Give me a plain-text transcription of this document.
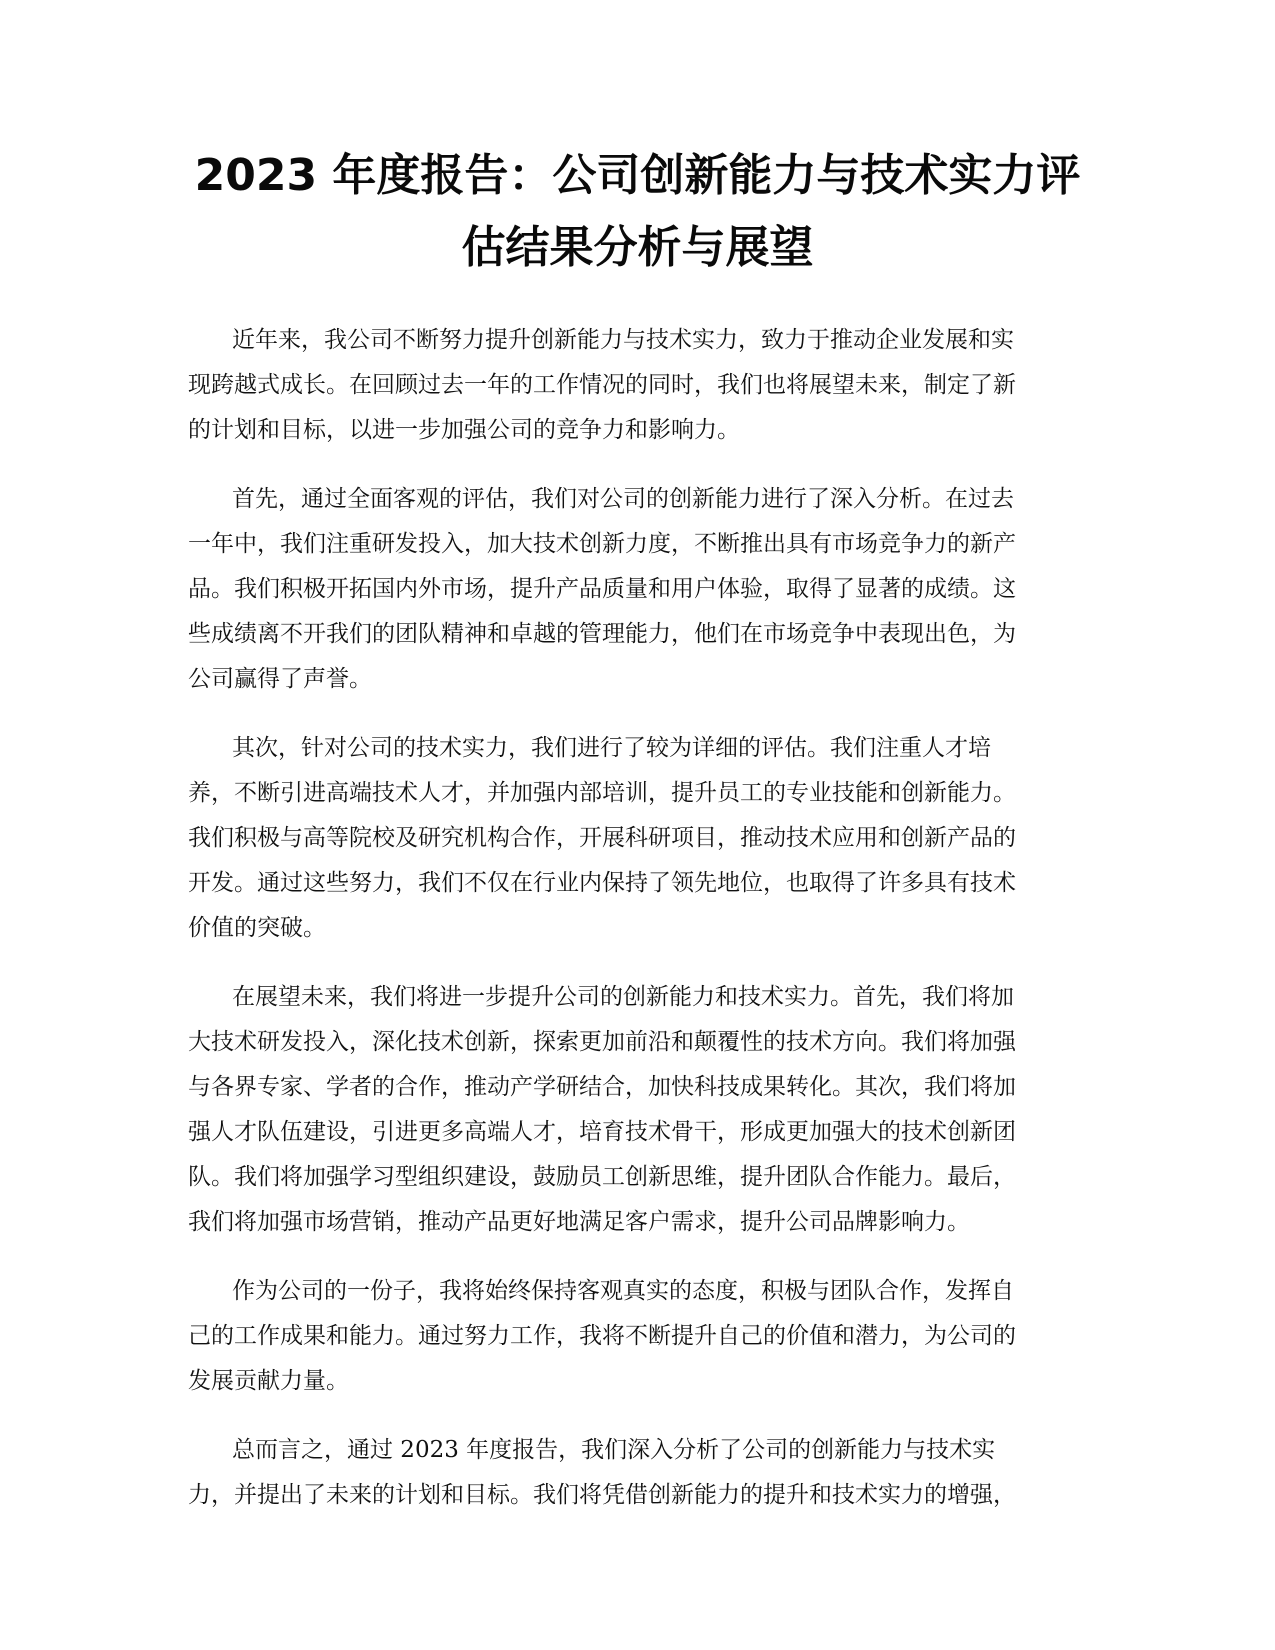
2023 年度报告：公司创新能力与技术实力评
估结果分析与展望

近年来，我公司不断努力提升创新能力与技术实力，致力于推动企业发展和实
现跨越式成长。在回顾过去一年的工作情况的同时，我们也将展望未来，制定了新
的计划和目标，以进一步加强公司的竞争力和影响力。

首先，通过全面客观的评估，我们对公司的创新能力进行了深入分析。在过去
一年中，我们注重研发投入，加大技术创新力度，不断推出具有市场竞争力的新产
品。我们积极开拓国内外市场，提升产品质量和用户体验，取得了显著的成绩。这
些成绩离不开我们的团队精神和卓越的管理能力，他们在市场竞争中表现出色，为
公司赢得了声誉。

其次，针对公司的技术实力，我们进行了较为详细的评估。我们注重人才培
养，不断引进高端技术人才，并加强内部培训，提升员工的专业技能和创新能力。
我们积极与高等院校及研究机构合作，开展科研项目，推动技术应用和创新产品的
开发。通过这些努力，我们不仅在行业内保持了领先地位，也取得了许多具有技术
价值的突破。

在展望未来，我们将进一步提升公司的创新能力和技术实力。首先，我们将加
大技术研发投入，深化技术创新，探索更加前沿和颠覆性的技术方向。我们将加强
与各界专家、学者的合作，推动产学研结合，加快科技成果转化。其次，我们将加
强人才队伍建设，引进更多高端人才，培育技术骨干，形成更加强大的技术创新团
队。我们将加强学习型组织建设，鼓励员工创新思维，提升团队合作能力。最后，
我们将加强市场营销，推动产品更好地满足客户需求，提升公司品牌影响力。

作为公司的一份子，我将始终保持客观真实的态度，积极与团队合作，发挥自
己的工作成果和能力。通过努力工作，我将不断提升自己的价值和潜力，为公司的
发展贡献力量。

总而言之，通过 2023 年度报告，我们深入分析了公司的创新能力与技术实
力，并提出了未来的计划和目标。我们将凭借创新能力的提升和技术实力的增强，
